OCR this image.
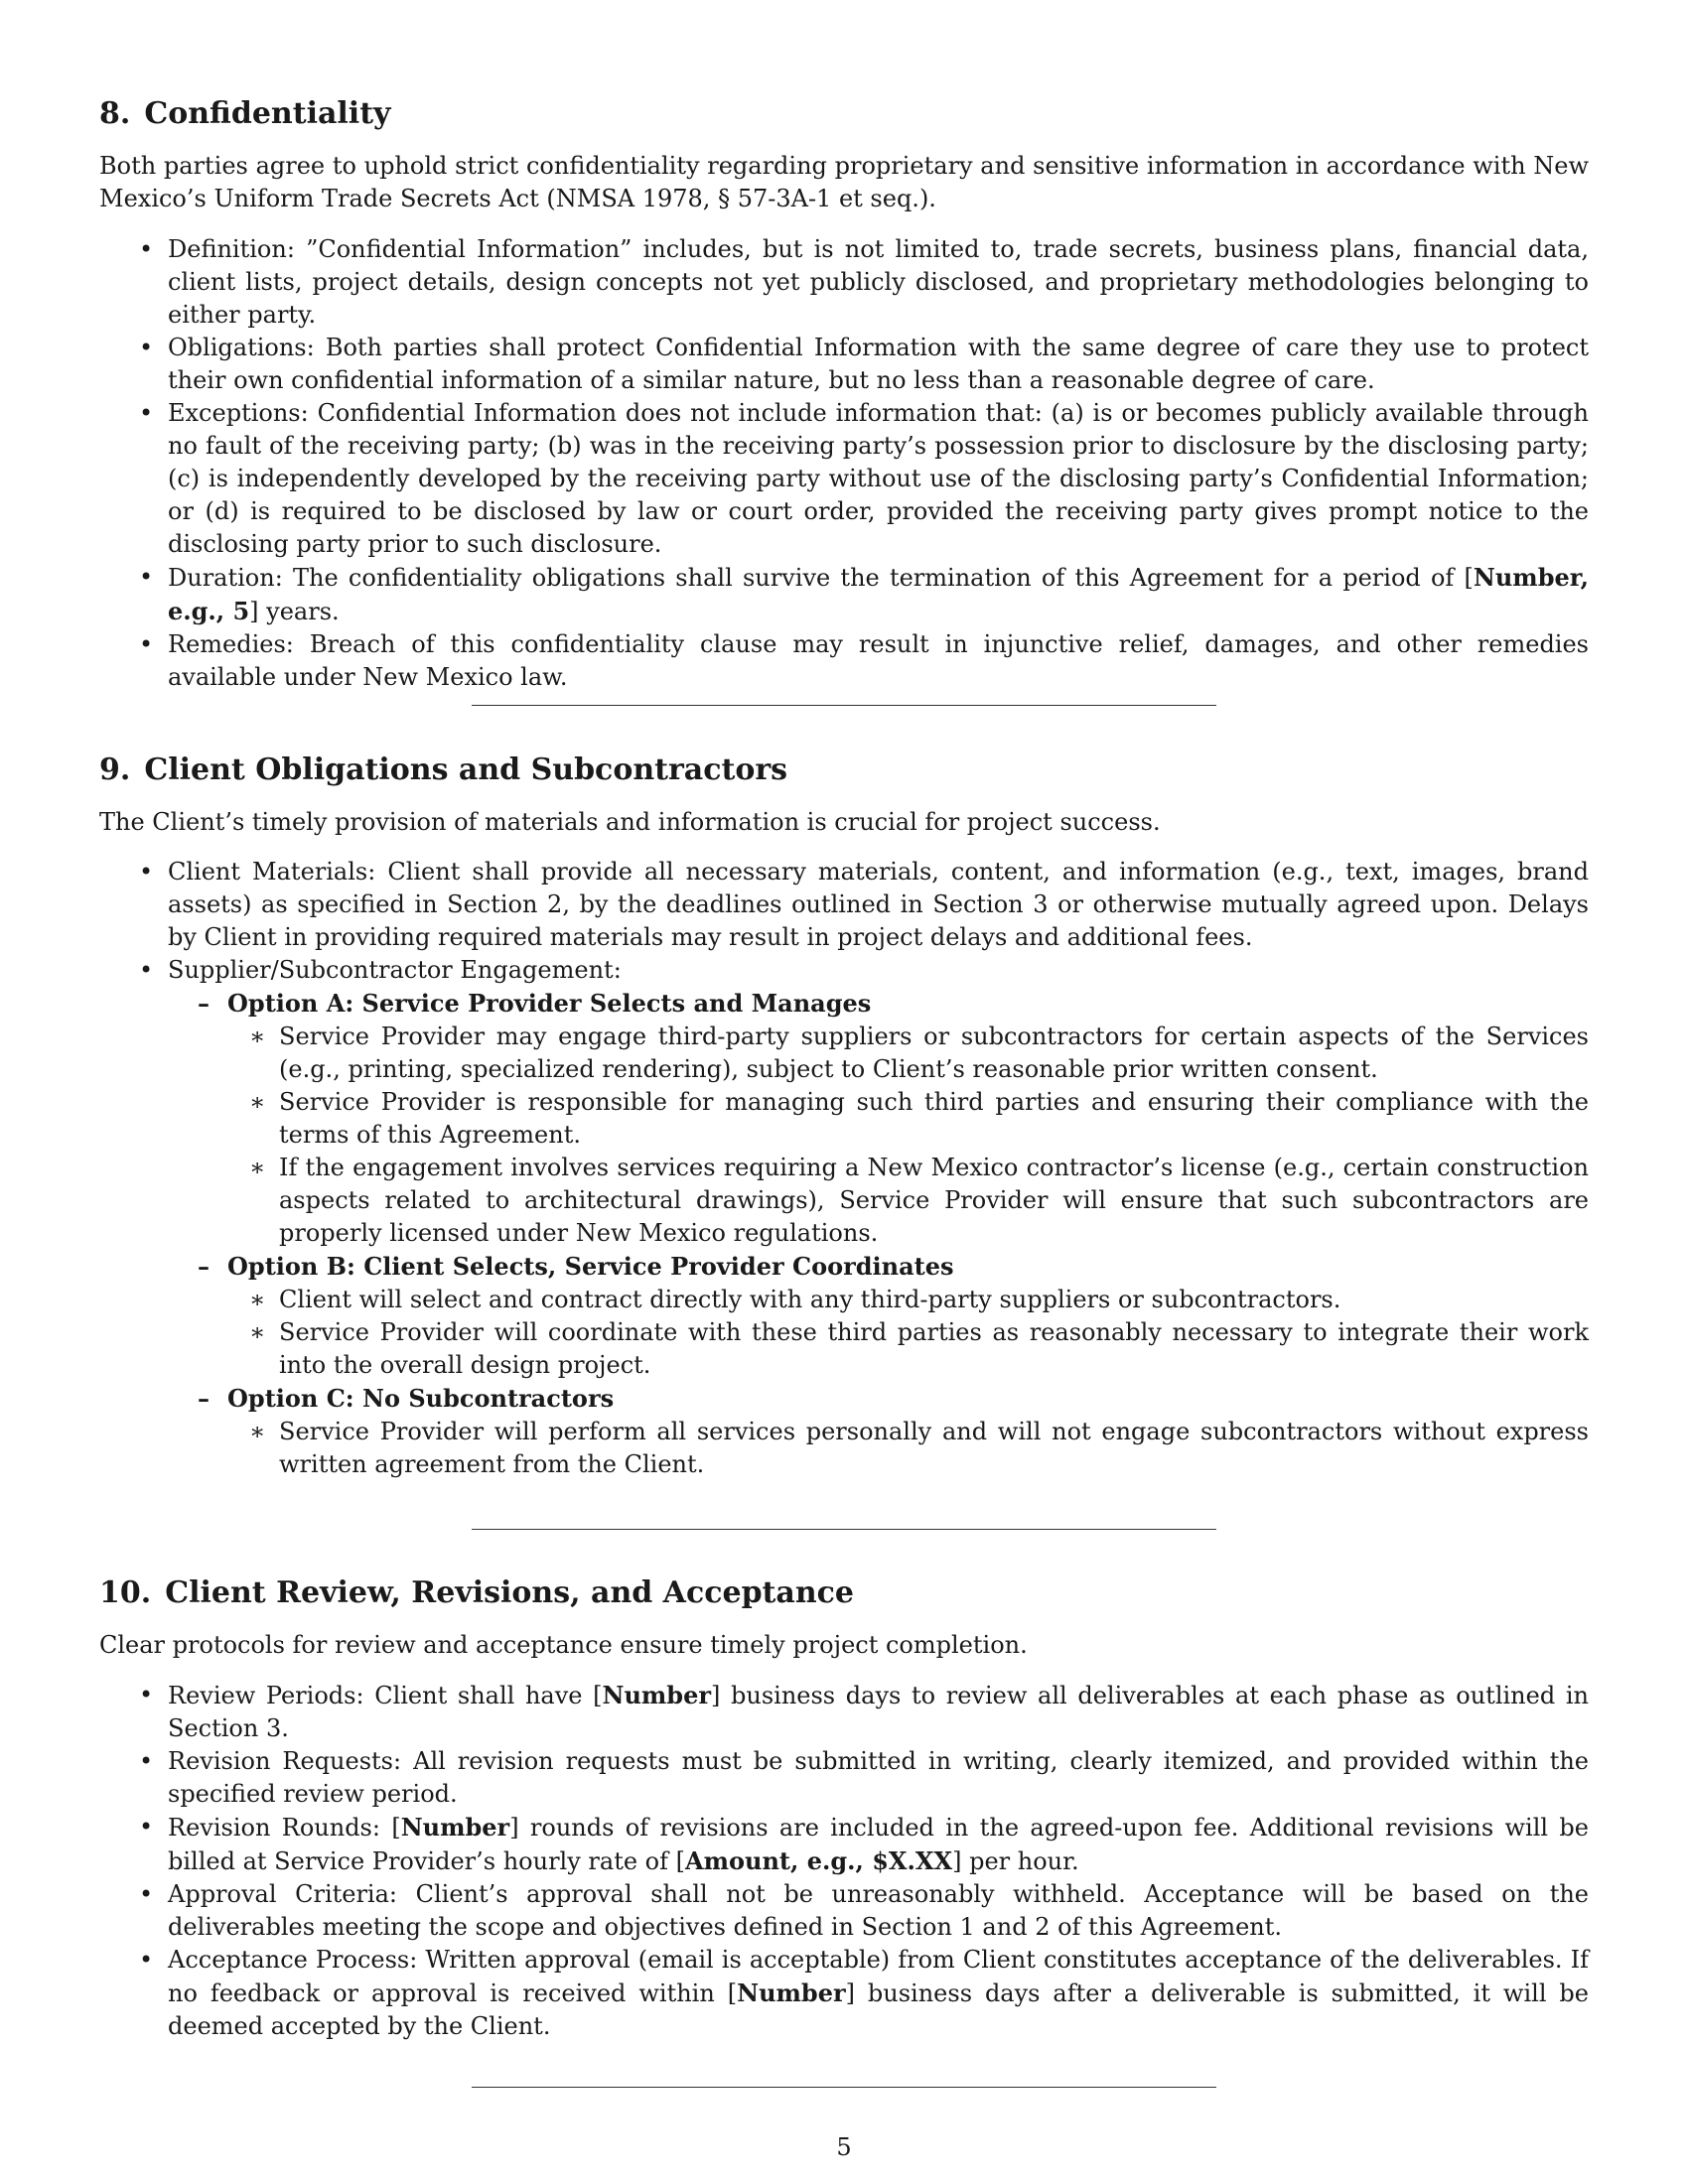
8. Confidentiality

Both parties agree to uphold strict confidentiality regarding proprietary and sensitive information in accordance with New Mexico’s Uniform Trade Secrets Act (NMSA 1978, § 57-3A-1 et seq.).

• Definition: ”Confidential Information” includes, but is not limited to, trade secrets, business plans, financial data, client lists, project details, design concepts not yet publicly disclosed, and proprietary methodologies belonging to either party.
• Obligations: Both parties shall protect Confidential Information with the same degree of care they use to protect their own confidential information of a similar nature, but no less than a reasonable degree of care.
• Exceptions: Confidential Information does not include information that: (a) is or becomes publicly available through no fault of the receiving party; (b) was in the receiving party’s possession prior to disclosure by the disclosing party; (c) is independently developed by the receiving party without use of the disclosing party’s Confidential Information; or (d) is required to be disclosed by law or court order, provided the receiving party gives prompt notice to the disclosing party prior to such disclosure.
• Duration: The confidentiality obligations shall survive the termination of this Agreement for a period of [Number, e.g., 5] years.
• Remedies: Breach of this confidentiality clause may result in injunctive relief, damages, and other remedies available under New Mexico law.
9. Client Obligations and Subcontractors

The Client’s timely provision of materials and information is crucial for project success.

• Client Materials: Client shall provide all necessary materials, content, and information (e.g., text, images, brand assets) as specified in Section 2, by the deadlines outlined in Section 3 or otherwise mutually agreed upon. Delays by Client in providing required materials may result in project delays and additional fees.
• Supplier/Subcontractor Engagement:
– Option A: Service Provider Selects and Manages
∗ Service Provider may engage third-party suppliers or subcontractors for certain aspects of the Services (e.g., printing, specialized rendering), subject to Client’s reasonable prior written consent.
∗ Service Provider is responsible for managing such third parties and ensuring their compliance with the terms of this Agreement.
∗ If the engagement involves services requiring a New Mexico contractor’s license (e.g., certain construction aspects related to architectural drawings), Service Provider will ensure that such subcontractors are properly licensed under New Mexico regulations.
– Option B: Client Selects, Service Provider Coordinates
∗ Client will select and contract directly with any third-party suppliers or subcontractors.
∗ Service Provider will coordinate with these third parties as reasonably necessary to integrate their work into the overall design project.
– Option C: No Subcontractors
∗ Service Provider will perform all services personally and will not engage subcontractors without express written agreement from the Client.
10. Client Review, Revisions, and Acceptance

Clear protocols for review and acceptance ensure timely project completion.

• Review Periods: Client shall have [Number] business days to review all deliverables at each phase as outlined in Section 3.
• Revision Requests: All revision requests must be submitted in writing, clearly itemized, and provided within the specified review period.
• Revision Rounds: [Number] rounds of revisions are included in the agreed-upon fee. Additional revisions will be billed at Service Provider’s hourly rate of [Amount, e.g., $X.XX] per hour.
• Approval Criteria: Client’s approval shall not be unreasonably withheld. Acceptance will be based on the deliverables meeting the scope and objectives defined in Section 1 and 2 of this Agreement.
• Acceptance Process: Written approval (email is acceptable) from Client constitutes acceptance of the deliverables. If no feedback or approval is received within [Number] business days after a deliverable is submitted, it will be deemed accepted by the Client.
5
